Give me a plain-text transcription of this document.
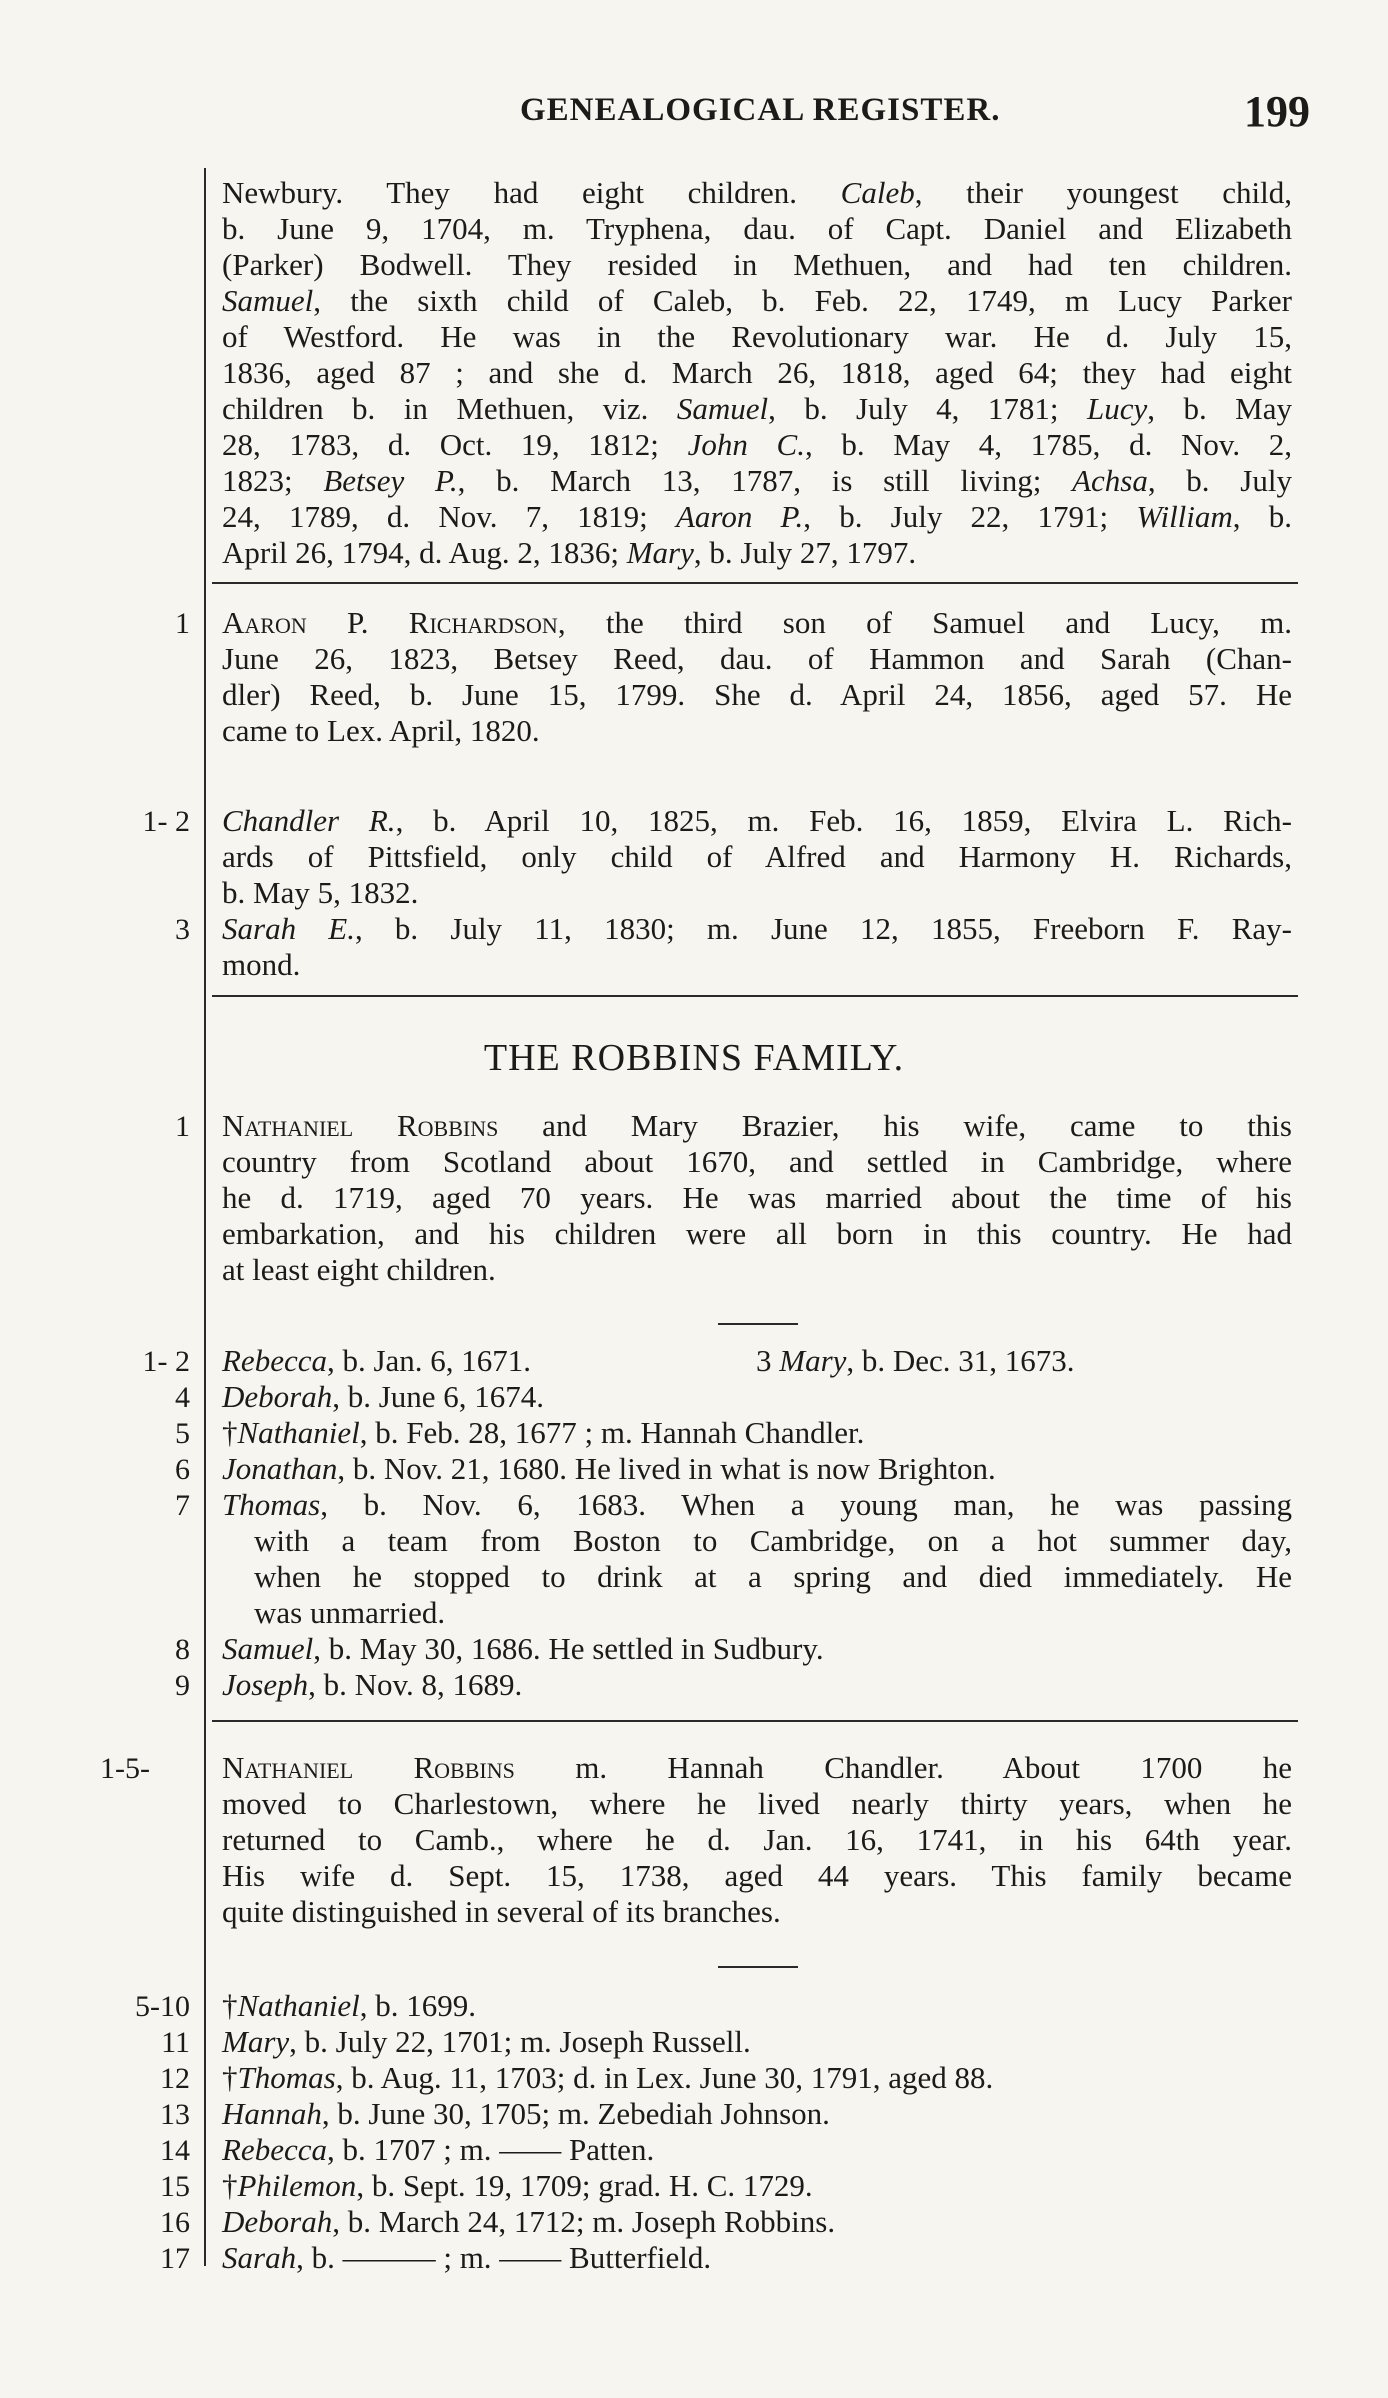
GENEALOGICAL REGISTER.	199
Newbury. They had eight children. Caleb, their youngest child,
b. June 9, 1704, m. Tryphena, dau. of Capt. Daniel and Elizabeth
(Parker) Bodwell. They resided in Methuen, and had ten children.
Samuel, the sixth child of Caleb, b. Feb. 22, 1749, m Lucy Parker
of Westford. He was in the Revolutionary war. He d. July 15,
1836, aged 87 ; and she d. March 26, 1818, aged 64; they had eight
children b. in Methuen, viz. Samuel, b. July 4, 1781; Lucy, b. May
28, 1783, d. Oct. 19, 1812; John C., b. May 4, 1785, d. Nov. 2,
1823; Betsey P., b. March 13, 1787, is still living; Achsa, b. July
24, 1789, d. Nov. 7, 1819; Aaron P., b. July 22, 1791; William, b.
April 26, 1794, d. Aug. 2, 1836; Mary, b. July 27, 1797.
1 Aaron P. Richardson, the third son of Samuel and Lucy, m.
June 26, 1823, Betsey Reed, dau. of Hammon and Sarah (Chan-
dler) Reed, b. June 15, 1799. She d. April 24, 1856, aged 57. He
came to Lex. April, 1820.
1- 2 Chandler R., b. April 10, 1825, m. Feb. 16, 1859, Elvira L. Rich-
ards of Pittsfield, only child of Alfred and Harmony H. Richards,
b. May 5, 1832.
3 Sarah E., b. July 11, 1830; m. June 12, 1855, Freeborn F. Ray-
mond.
THE ROBBINS FAMILY.
1 Nathaniel Robbins and Mary Brazier, his wife, came to this
country from Scotland about 1670, and settled in Cambridge, where
he d. 1719, aged 70 years. He was married about the time of his
embarkation, and his children were all born in this country. He had
at least eight children.
1- 2 Rebecca, b. Jan. 6, 1671.	3 Mary, b. Dec. 31, 1673.
4 Deborah, b. June 6, 1674.
5 †Nathaniel, b. Feb. 28, 1677 ; m. Hannah Chandler.
6 Jonathan, b. Nov. 21, 1680. He lived in what is now Brighton.
7 Thomas, b. Nov. 6, 1683. When a young man, he was passing
with a team from Boston to Cambridge, on a hot summer day,
when he stopped to drink at a spring and died immediately. He
was unmarried.
8 Samuel, b. May 30, 1686. He settled in Sudbury.
9 Joseph, b. Nov. 8, 1689.
1-5- Nathaniel Robbins m. Hannah Chandler. About 1700 he
moved to Charlestown, where he lived nearly thirty years, when he
returned to Camb., where he d. Jan. 16, 1741, in his 64th year.
His wife d. Sept. 15, 1738, aged 44 years. This family became
quite distinguished in several of its branches.
5-10 †Nathaniel, b. 1699.
11 Mary, b. July 22, 1701; m. Joseph Russell.
12 †Thomas, b. Aug. 11, 1703; d. in Lex. June 30, 1791, aged 88.
13 Hannah, b. June 30, 1705; m. Zebediah Johnson.
14 Rebecca, b. 1707 ; m. —— Patten.
15 †Philemon, b. Sept. 19, 1709; grad. H. C. 1729.
16 Deborah, b. March 24, 1712; m. Joseph Robbins.
17 Sarah, b. ——— ; m. —— Butterfield.
